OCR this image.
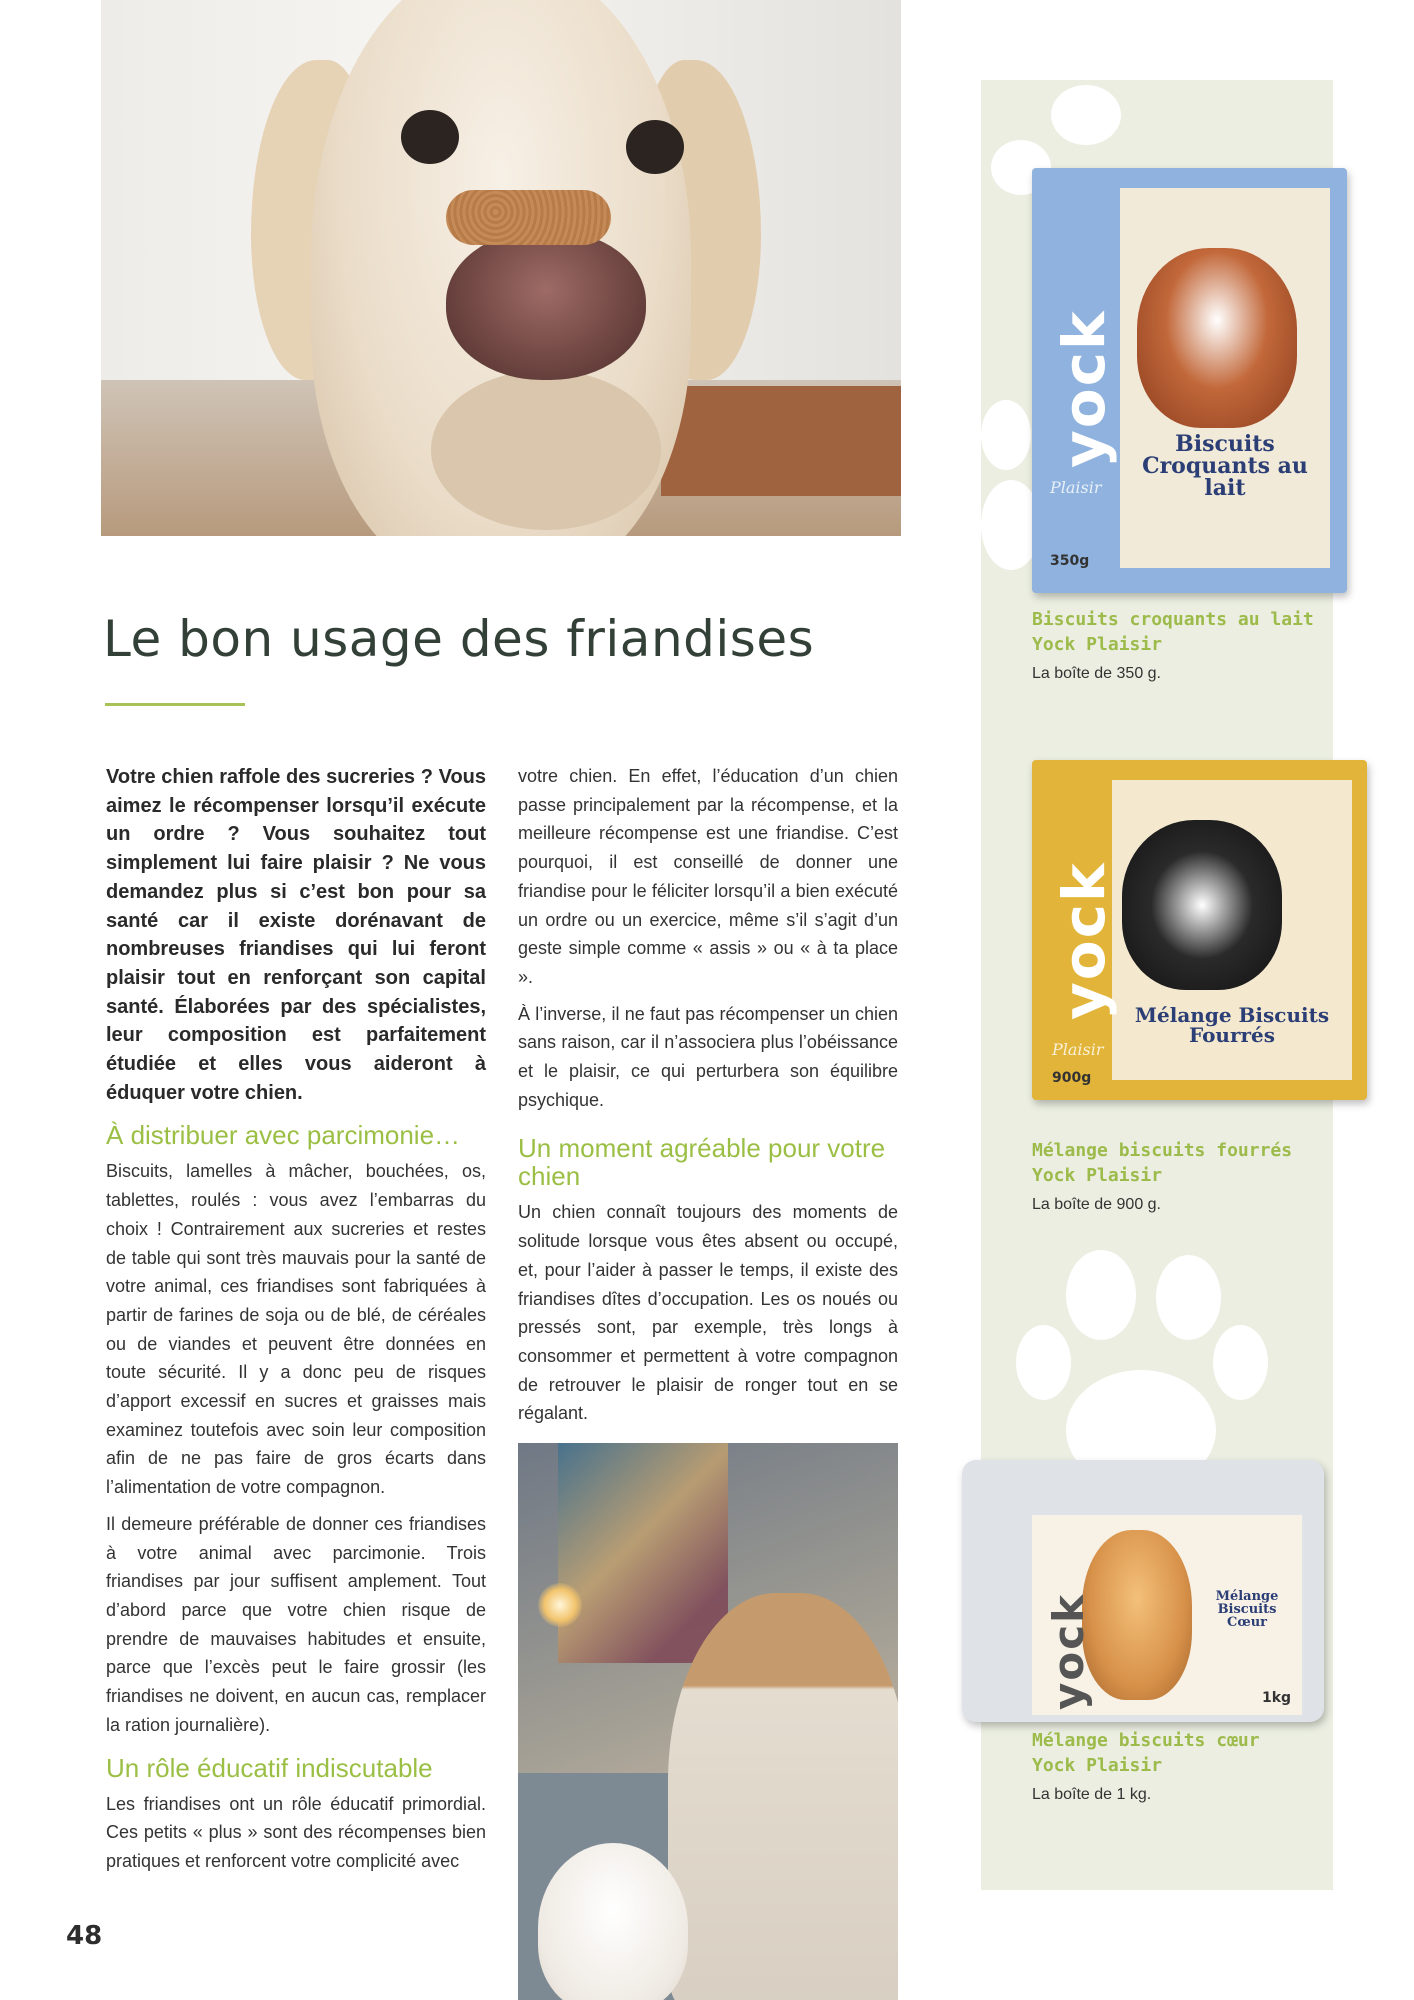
yock
Plaisir
Biscuits Croquants au lait
350g
Biscuits croquants au lait
Yock Plaisir
La boîte de 350 g.
yock
Plaisir
Mélange Biscuits Fourrés
900g
Mélange biscuits fourrés
Yock Plaisir
La boîte de 900 g.
yock	Mélange Biscuits Cœur
1kg
Mélange biscuits cœur
Yock Plaisir
La boîte de 1 kg.
Le bon usage des friandises

Votre chien raffole des sucreries ? Vous aimez le récompenser lorsqu’il exécute un ordre ? Vous souhaitez tout simplement lui faire plaisir ? Ne vous demandez plus si c’est bon pour sa santé car il existe dorénavant de nombreuses friandises qui lui feront plaisir tout en renforçant son capital santé. Élaborées par des spécialistes, leur composition est parfaitement étudiée et elles vous aideront à éduquer votre chien.

À distribuer avec parcimonie…

Biscuits, lamelles à mâcher, bouchées, os, tablettes, roulés : vous avez l’embarras du choix ! Contrairement aux sucreries et restes de table qui sont très mauvais pour la santé de votre animal, ces friandises sont fabriquées à partir de farines de soja ou de blé, de céréales ou de viandes et peuvent être données en toute sécurité. Il y a donc peu de risques d’apport excessif en sucres et graisses mais examinez toutefois avec soin leur composition afin de ne pas faire de gros écarts dans l’alimentation de votre compagnon.

Il demeure préférable de donner ces friandises à votre animal avec parcimonie. Trois friandises par jour suffisent amplement. Tout d’abord parce que votre chien risque de prendre de mauvaises habitudes et ensuite, parce que l’excès peut le faire grossir (les friandises ne doivent, en aucun cas, remplacer la ration journalière).

Un rôle éducatif indiscutable

Les friandises ont un rôle éducatif primordial. Ces petits « plus » sont des récompenses bien pratiques et renforcent votre complicité avec

votre chien. En effet, l’éducation d’un chien passe principalement par la récompense, et la meilleure récompense est une friandise. C’est pourquoi, il est conseillé de donner une friandise pour le féliciter lorsqu’il a bien exécuté un ordre ou un exercice, même s’il s’agit d’un geste simple comme « assis » ou « à ta place ».

À l’inverse, il ne faut pas récompenser un chien sans raison, car il n’associera plus l’obéissance et le plaisir, ce qui perturbera son équilibre psychique.

Un moment agréable pour votre chien

Un chien connaît toujours des moments de solitude lorsque vous êtes absent ou occupé, et, pour l’aider à passer le temps, il existe des friandises dîtes d’occupation. Les os noués ou pressés sont, par exemple, très longs à consommer et permettent à votre compagnon de retrouver le plaisir de ronger tout en se régalant.

48
